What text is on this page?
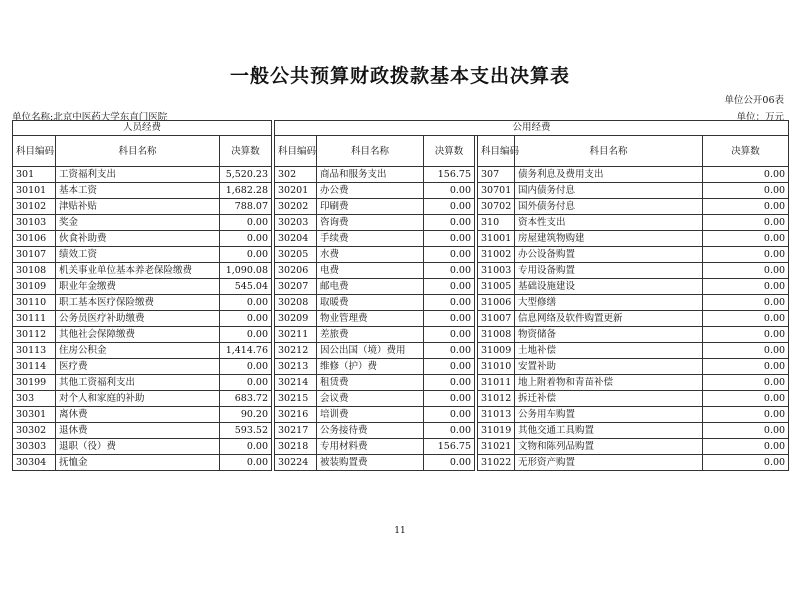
一般公共预算财政拨款基本支出决算表
单位公开06表
单位名称:北京中医药大学东直门医院	单位：万元
人员经费				公用经费						
科目编码	科目名称	决算数		科目编码	科目名称	决算数		科目编码	科目名称	决算数
301	工资福利支出	5,520.23		302	商品和服务支出	156.75		307	债务利息及费用支出	0.00
30101	基本工资	1,682.28		30201	办公费	0.00		30701	国内债务付息	0.00
30102	津贴补贴	788.07		30202	印刷费	0.00		30702	国外债务付息	0.00
30103	奖金	0.00		30203	咨询费	0.00		310	资本性支出	0.00
30106	伙食补助费	0.00		30204	手续费	0.00		31001	房屋建筑物购建	0.00
30107	绩效工资	0.00		30205	水费	0.00		31002	办公设备购置	0.00
30108	机关事业单位基本养老保险缴费	1,090.08		30206	电费	0.00		31003	专用设备购置	0.00
30109	职业年金缴费	545.04		30207	邮电费	0.00		31005	基础设施建设	0.00
30110	职工基本医疗保险缴费	0.00		30208	取暖费	0.00		31006	大型修缮	0.00
30111	公务员医疗补助缴费	0.00		30209	物业管理费	0.00		31007	信息网络及软件购置更新	0.00
30112	其他社会保障缴费	0.00		30211	差旅费	0.00		31008	物资储备	0.00
30113	住房公积金	1,414.76		30212	因公出国（境）费用	0.00		31009	土地补偿	0.00
30114	医疗费	0.00		30213	维修（护）费	0.00		31010	安置补助	0.00
30199	其他工资福利支出	0.00		30214	租赁费	0.00		31011	地上附着物和青苗补偿	0.00
303	对个人和家庭的补助	683.72		30215	会议费	0.00		31012	拆迁补偿	0.00
30301	离休费	90.20		30216	培训费	0.00		31013	公务用车购置	0.00
30302	退休费	593.52		30217	公务接待费	0.00		31019	其他交通工具购置	0.00
30303	退职（役）费	0.00		30218	专用材料费	156.75		31021	文物和陈列品购置	0.00
30304	抚恤金	0.00		30224	被装购置费	0.00		31022	无形资产购置	0.00
11
